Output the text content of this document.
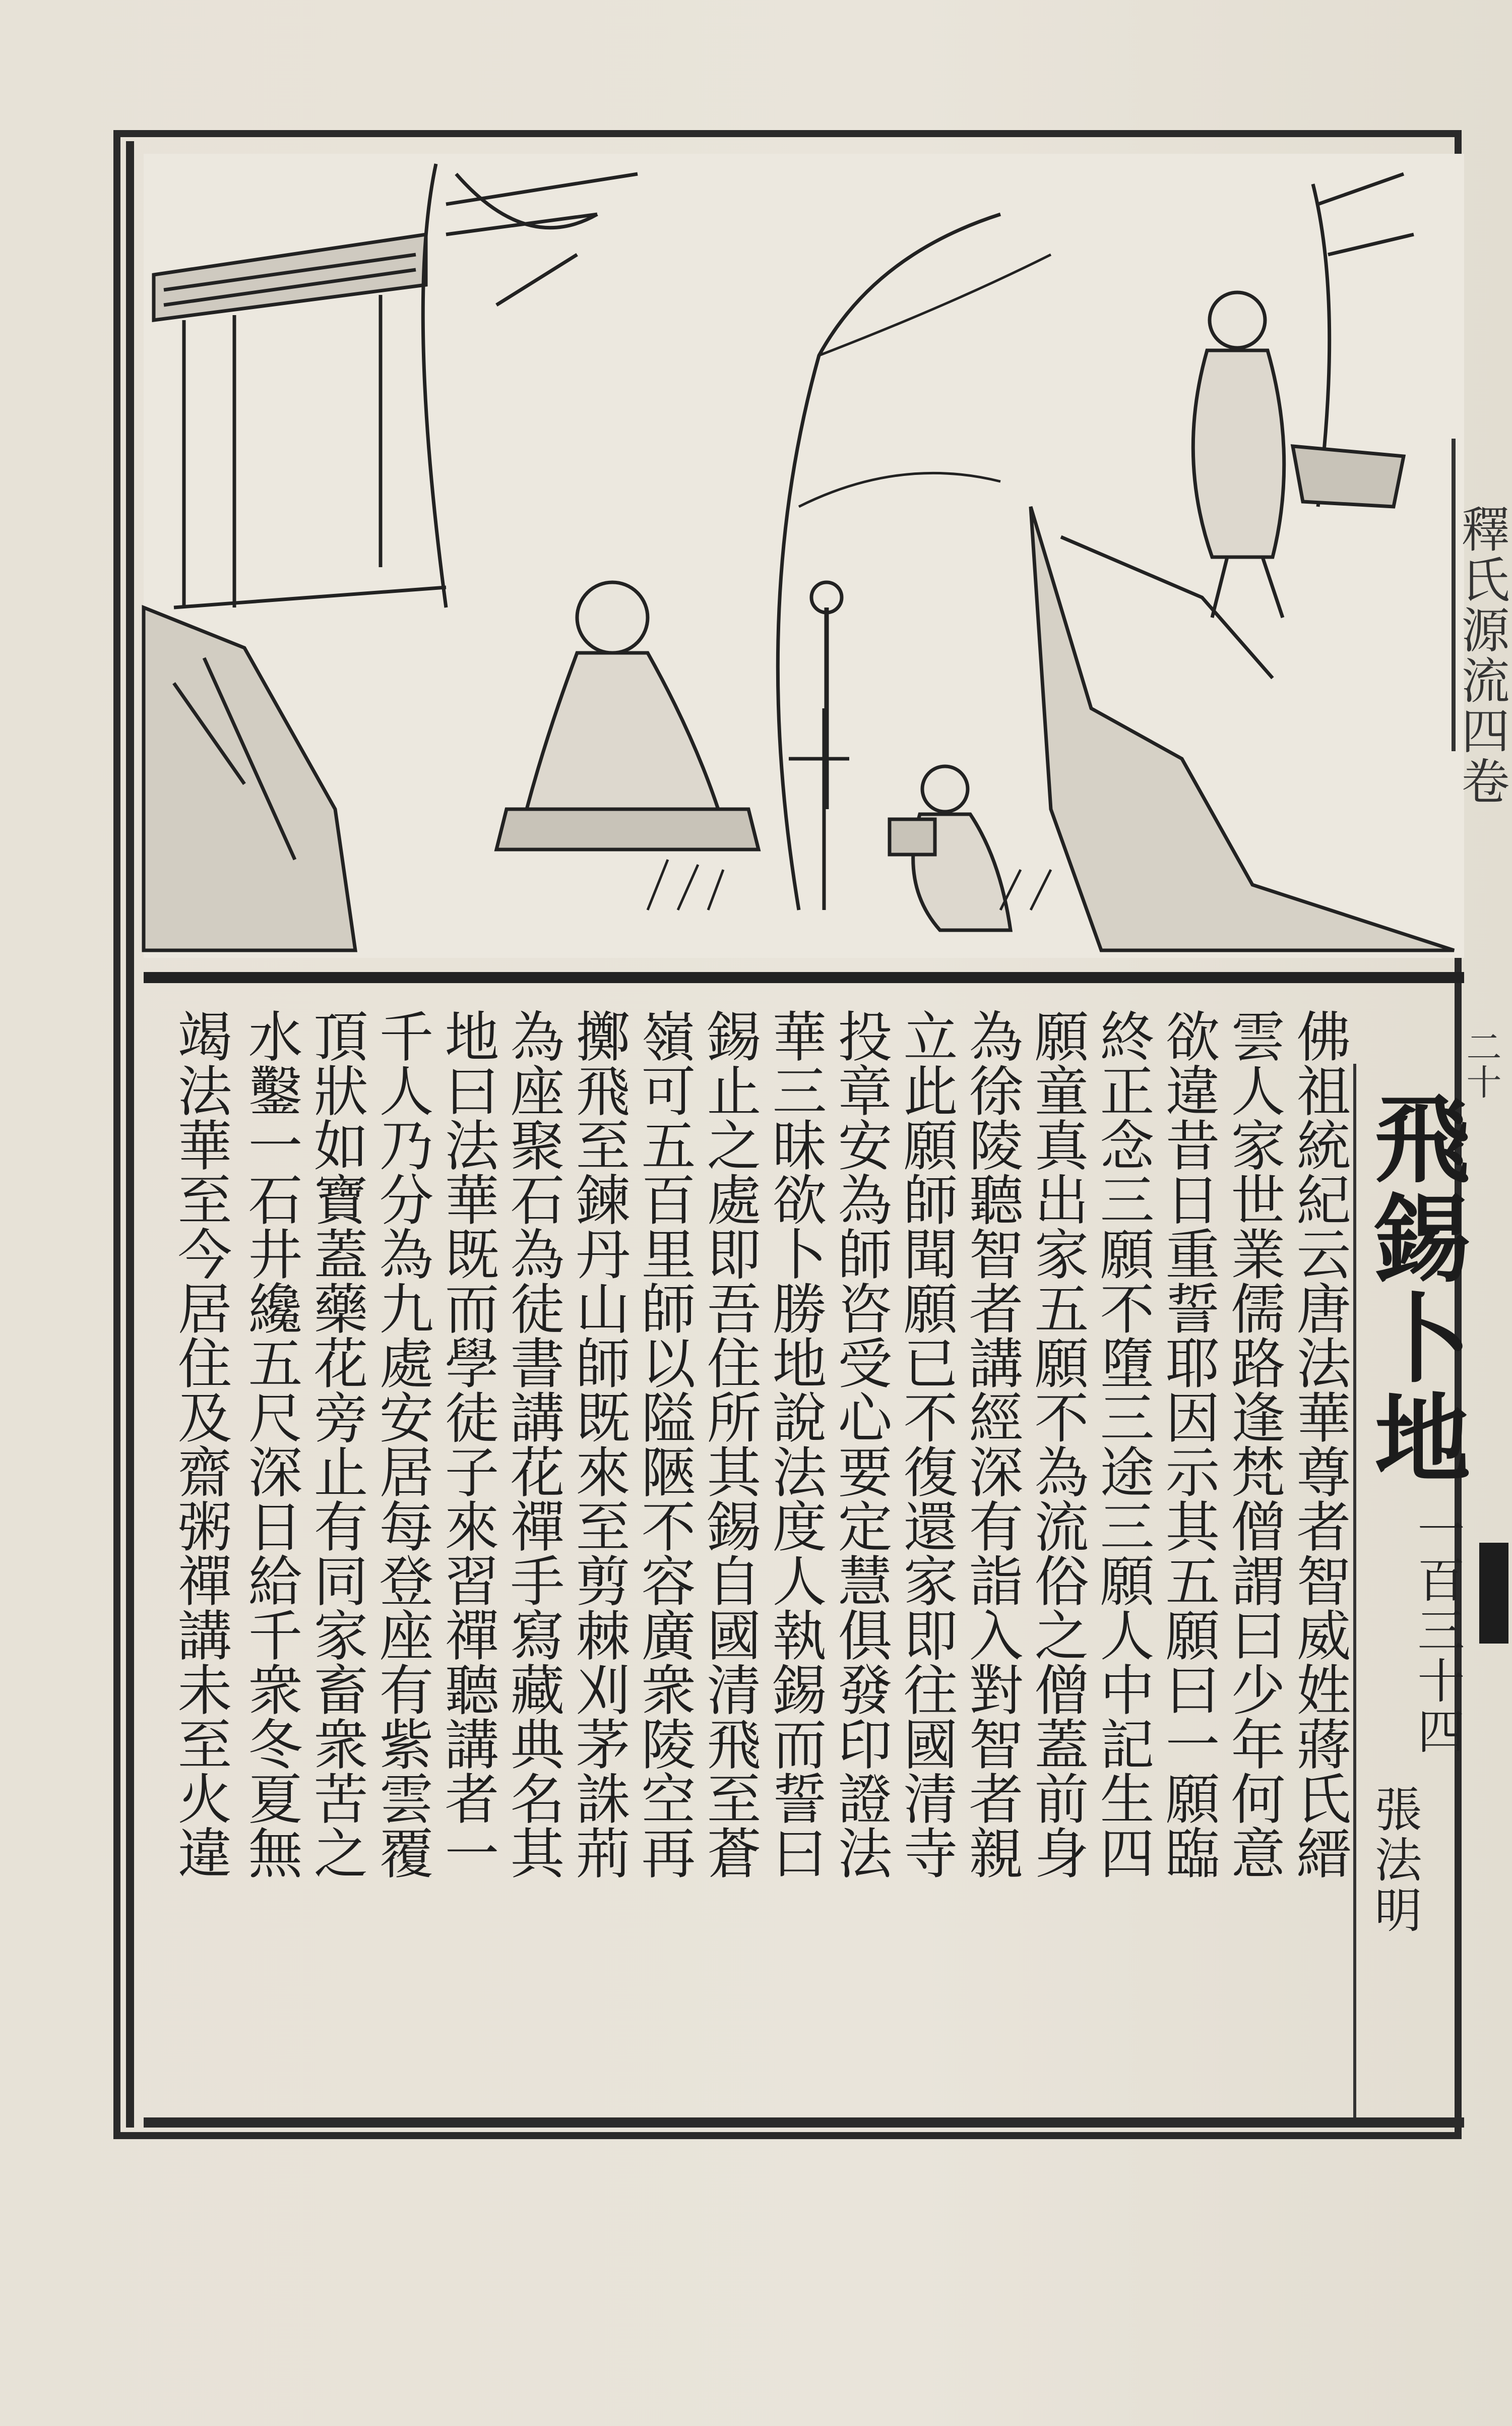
釋氏源流四卷
飛錫卜地
一百三十四
張法明
佛祖統紀云唐法華尊者智威姓蔣氏縉
雲人家世業儒路逢梵僧謂曰少年何意
欲違昔日重誓耶因示其五願曰一願臨
終正念三願不墮三途三願人中記生四
願童真出家五願不為流俗之僧蓋前身
為徐陵聽智者講經深有詣入對智者親
立此願師聞願已不復還家即往國清寺
投章安為師咨受心要定慧俱發印證法
華三昧欲卜勝地說法度人執錫而誓曰
錫止之處即吾住所其錫自國清飛至蒼
嶺可五百里師以隘陿不容廣衆陵空再
擲飛至鍊丹山師既來至剪棘刈茅誅荊
為座聚石為徒書講花禪手寫藏典名其
地曰法華既而學徒子來習禪聽講者一
千人乃分為九處安居每登座有紫雲覆
頂狀如寶蓋藥花旁止有同家畜衆苦之
水鑿一石井纔五尺深日給千衆冬夏無
竭法華至今居住及齋粥禪講未至火違	二十
